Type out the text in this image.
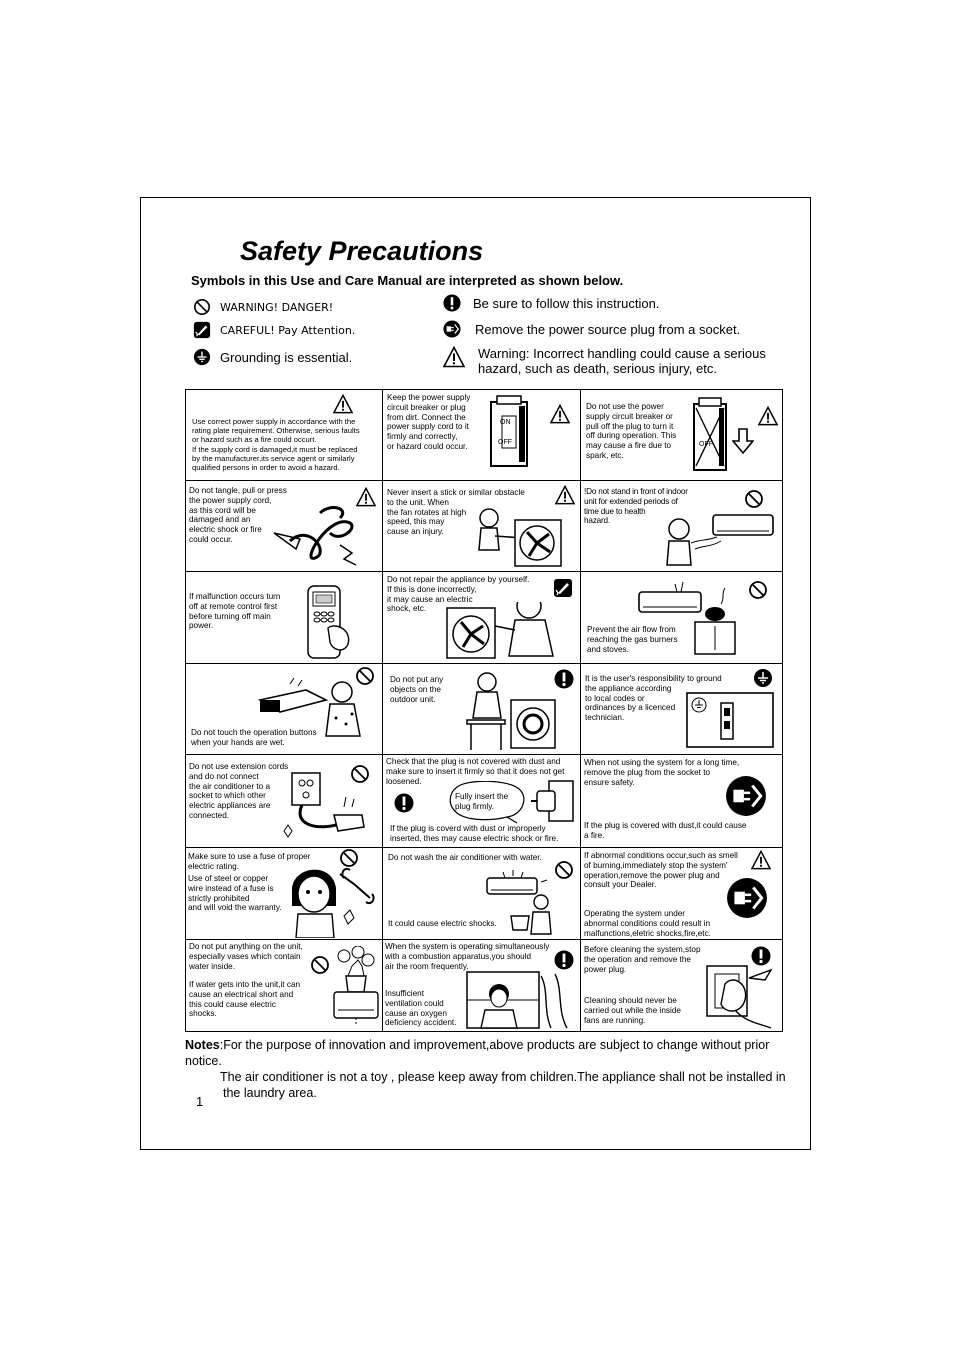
Safety Precautions
Symbols in this Use and Care Manual are interpreted as shown below.
WARNING! DANGER!
CAREFUL! Pay Attention.
Grounding is essential.
Be sure to follow this instruction.
Remove the power source plug from a socket.
Warning: Incorrect handling could cause a serious
hazard, such as death, serious injury, etc.
Use correct power supply in accordance with the
rating plate requirement. Otherwise, serious faults
or hazard such as a fire could occurt.
If the supply cord is damaged,it must be replaced
by the manufacturer,its service agent or similarly
qualified persons in order to avoid a hazard.
Keep the power supply
circuit breaker or plug
from dirt. Connect the
power supply cord to it
firmly and correctly,
or hazard could occur.
ON
OFF
Do not use the power
supply circuit breaker or
pull off the plug to turn it
off during operation. This
may cause a fire due to
spark, etc.
OFF
Do not tangle, pull or press
the power supply cord,
as this cord will be
damaged and an
electric shock or fire
could occur.
Never insert a stick or similar obstacle
to the unit. When
the fan rotates at high
speed, this may
cause an injury.
!Do not stand in front of indoor
unit for extended periods of
time due to health
hazard.
If malfunction occurs turn
off at remote control first
before turning off main
power.
Do not repair the appliance by yourself.
If this is done incorrectly,
it may cause an electric
shock, etc.
Prevent the air flow from
reaching the gas burners
and stoves.
Do not touch the operation buttons
when your hands are wet.
Do not put any
objects on the
outdoor unit.
It is the user's responsibility to ground
the appliance according
to local codes or
ordinances by a licenced
technician.
Do not use extension cords
and do not connect
the air conditioner to a
socket to which other
electric appliances are
connected.
Check that the plug is not covered with dust and
make sure to insert it firmly so that it does not get
loosened.
Fully insert the
plug firmly.
If the plug is coverd with dust or improperly
inserted, thes may cause electric shock or fire.
When not using the system for a long time,
remove the plug from the socket to
ensure safety.
If the plug is covered with dust,it could cause
a fire.
Make sure to use a fuse of proper
electric rating.
Use of steel or copper
wire instead of a fuse is
strictly prohibited
and will void the warranty.
Do not wash the air conditioner with water.
It could cause electric shocks.
If abnormal conditions occur,such as smell
of burning,immediately stop the system'
operation,remove the power plug and
consult your Dealer.
Operating the system under
abnormal conditions could result in
malfunctions,eletric shocks,fire,etc.
Do not put anything on the unit,
especially vases which contain
water inside.
If water gets into the unit,it can
cause an electrical short and
this could cause electric
shocks.
When the system is operating simultaneously
with a combustion apparatus,you should
air the room frequently.
Insufficient
ventilation could
cause an oxygen
deficiency accident.
Before cleaning the system,stop
the operation and remove the
power plug.
Cleaning should never be
carried out while the inside
fans are running.
Notes:For the purpose of innovation and improvement,above products are subject to change without prior notice.
The air conditioner is not a toy , please keep away from children.The appliance shall not be installed in
the laundry area.
1
